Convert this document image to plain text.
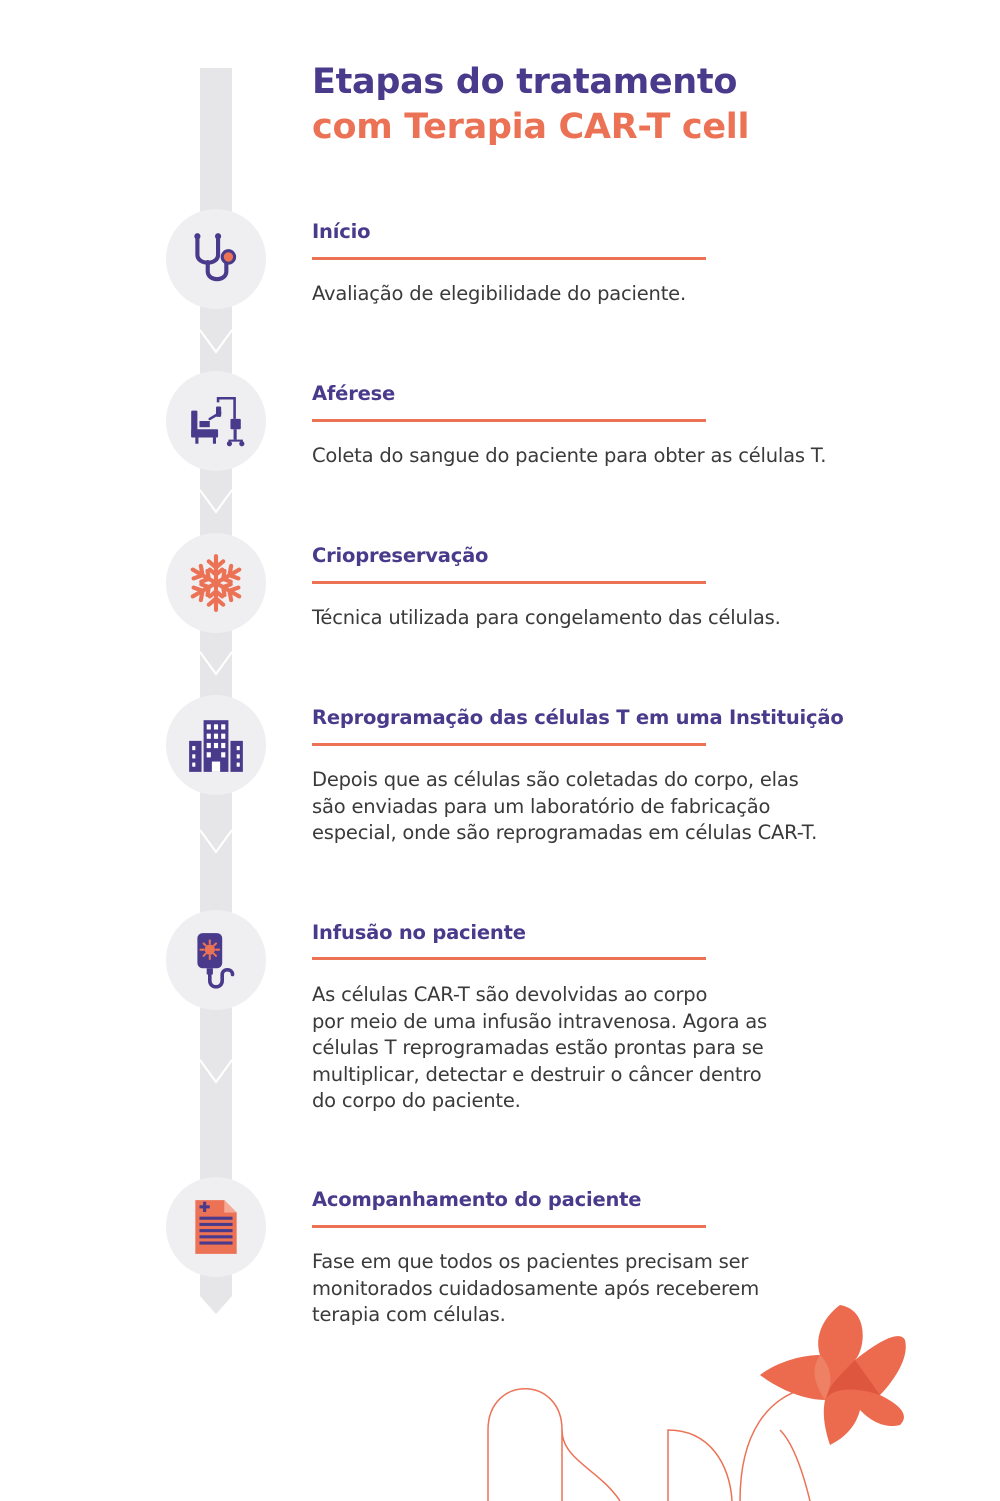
Etapas do tratamento
com Terapia CAR-T cell
Início
Avaliação de elegibilidade do paciente.
Aférese
Coleta do sangue do paciente para obter as células T.
Criopreservação
Técnica utilizada para congelamento das células.
Reprogramação das células T em uma Instituição
Depois que as células são coletadas do corpo, elas
são enviadas para um laboratório de fabricação
especial, onde são reprogramadas em células CAR-T.
Infusão no paciente
As células CAR-T são devolvidas ao corpo
por meio de uma infusão intravenosa. Agora as
células T reprogramadas estão prontas para se
multiplicar, detectar e destruir o câncer dentro
do corpo do paciente.
Acompanhamento do paciente
Fase em que todos os pacientes precisam ser
monitorados cuidadosamente após receberem
terapia com células.
